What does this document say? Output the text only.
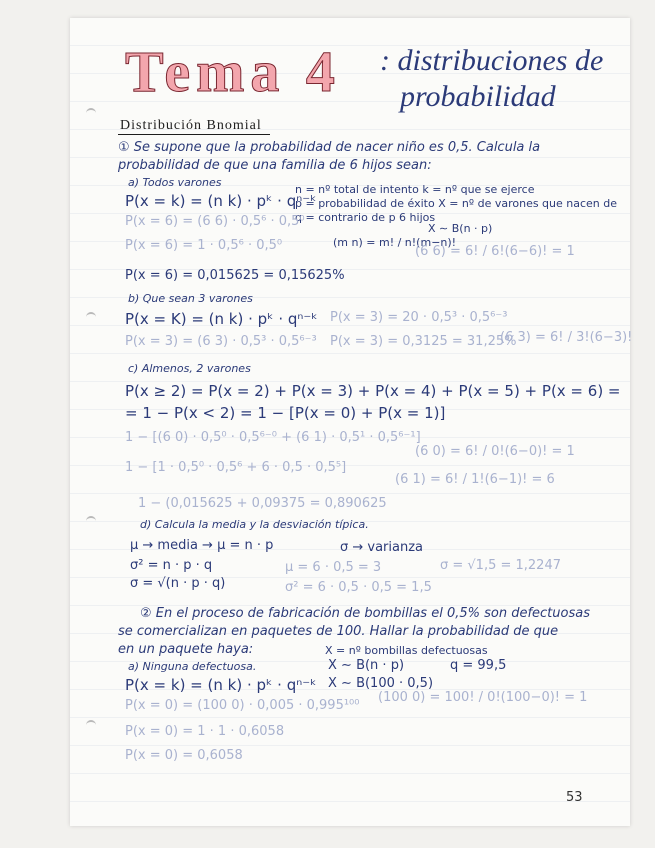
Tema 4 : distribuciones de
probabilidad
Distribución Bnomial
① Se supone que la probabilidad de nacer niño es 0,5. Calcula la
probabilidad de que una familia de 6 hijos sean:
a) Todos varones
P(x = k) = (n k) · pᵏ · qⁿ⁻ᵏ
n = nº total de intento k = nº que se ejerce
p = probabilidad de éxito X = nº de varones que nacen de
q = contrario de p 6 hijos
X ∼ B(n · p)
P(x = 6) = (6 6) · 0,5⁶ · 0,5⁰
(m n) = m! / n!(m−n)!
P(x = 6) = 1 · 0,5⁶ · 0,5⁰	(6 6) = 6! / 6!(6−6)! = 1
P(x = 6) = 0,015625 = 0,15625%
b) Que sean 3 varones
P(x = K) = (n k) · pᵏ · qⁿ⁻ᵏ P(x = 3) = 20 · 0,5³ · 0,5⁶⁻³
P(x = 3) = (6 3) · 0,5³ · 0,5⁶⁻³ P(x = 3) = 0,3125 = 31,25%
(6 3) = 6! / 3!(6−3)!
c) Almenos, 2 varones
P(x ≥ 2) = P(x = 2) + P(x = 3) + P(x = 4) + P(x = 5) + P(x = 6) =
= 1 − P(x < 2) = 1 − [P(x = 0) + P(x = 1)]
1 − [(6 0) · 0,5⁰ · 0,5⁶⁻⁰ + (6 1) · 0,5¹ · 0,5⁶⁻¹]
(6 0) = 6! / 0!(6−0)! = 1
1 − [1 · 0,5⁰ · 0,5⁶ + 6 · 0,5 · 0,5⁵]
(6 1) = 6! / 1!(6−1)! = 6
1 − (0,015625 + 0,09375 = 0,890625
d) Calcula la media y la desviación típica.
μ → media → μ = n · p	σ → varianza
σ² = n · p · q	μ = 6 · 0,5 = 3	σ = √1,5 = 1,2247
σ = √(n · p · q)	σ² = 6 · 0,5 · 0,5 = 1,5
② En el proceso de fabricación de bombillas el 0,5% son defectuosas
se comercializan en paquetes de 100. Hallar la probabilidad de que
en un paquete haya:	X = nº bombillas defectuosas
a) Ninguna defectuosa.	X ∼ B(n · p)	q = 99,5
X ∼ B(100 · 0,5)
P(x = k) = (n k) · pᵏ · qⁿ⁻ᵏ
P(x = 0) = (100 0) · 0,005 · 0,995¹⁰⁰
(100 0) = 100! / 0!(100−0)! = 1
P(x = 0) = 1 · 1 · 0,6058
P(x = 0) = 0,6058
53
